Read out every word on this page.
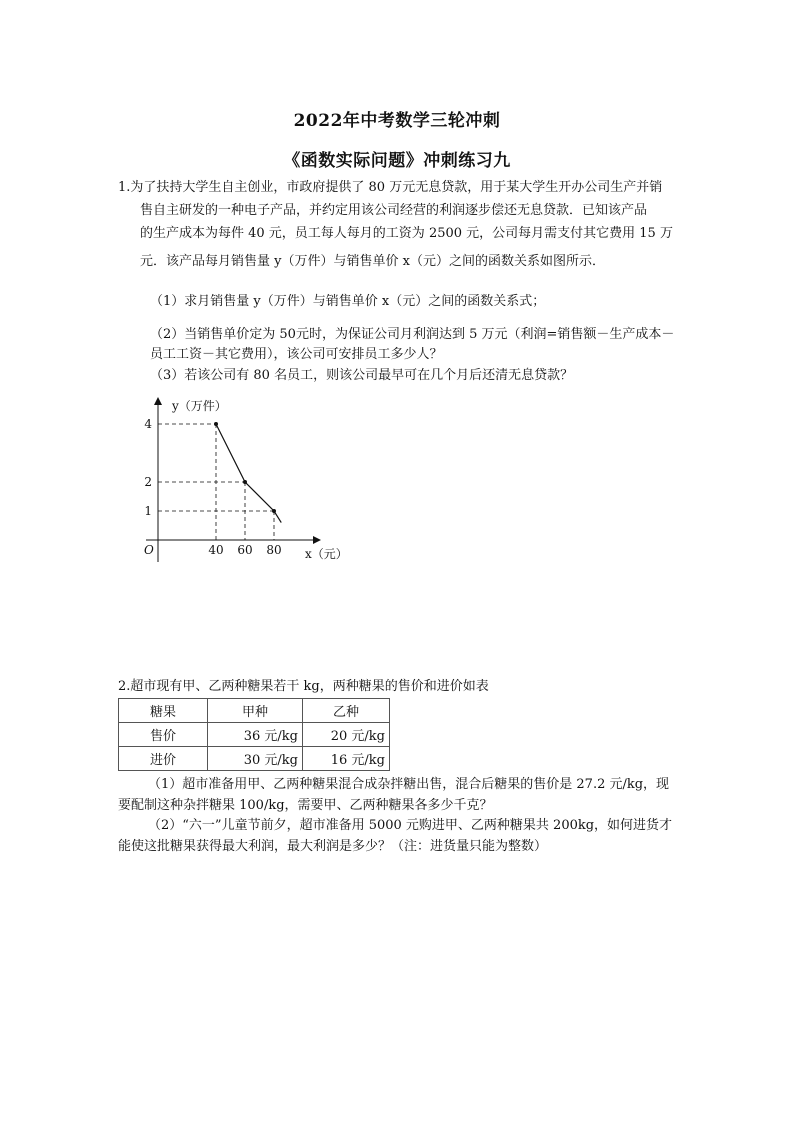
2022年中考数学三轮冲刺
《函数实际问题》冲刺练习九
1.为了扶持大学生自主创业，市政府提供了 80 万元无息贷款，用于某大学生开办公司生产并销
售自主研发的一种电子产品，并约定用该公司经营的利润逐步偿还无息贷款．已知该产品
的生产成本为每件 40 元，员工每人每月的工资为 2500 元，公司每月需支付其它费用 15 万
元．该产品每月销售量 y（万件）与销售单价 x（元）之间的函数关系如图所示．
（1）求月销售量 y（万件）与销售单价 x（元）之间的函数关系式；
（2）当销售单价定为 50元时，为保证公司月利润达到 5 万元（利润=销售额－生产成本－
员工工资－其它费用），该公司可安排员工多少人？
（3）若该公司有 80 名员工，则该公司最早可在几个月后还清无息贷款？
40 60 80
1
2
4
y（万件）
x（元）
O
2.超市现有甲、乙两种糖果若干 kg，两种糖果的售价和进价如表
糖果	甲种	乙种
售价	36 元/kg	20 元/kg
进价	30 元/kg	16 元/kg
（1）超市准备用甲、乙两种糖果混合成杂拌糖出售，混合后糖果的售价是 27.2 元/kg，现
要配制这种杂拌糖果 100/kg，需要甲、乙两种糖果各多少千克？
（2）“六一”儿童节前夕，超市准备用 5000 元购进甲、乙两种糖果共 200kg，如何进货才
能使这批糖果获得最大利润，最大利润是多少？（注：进货量只能为整数）
